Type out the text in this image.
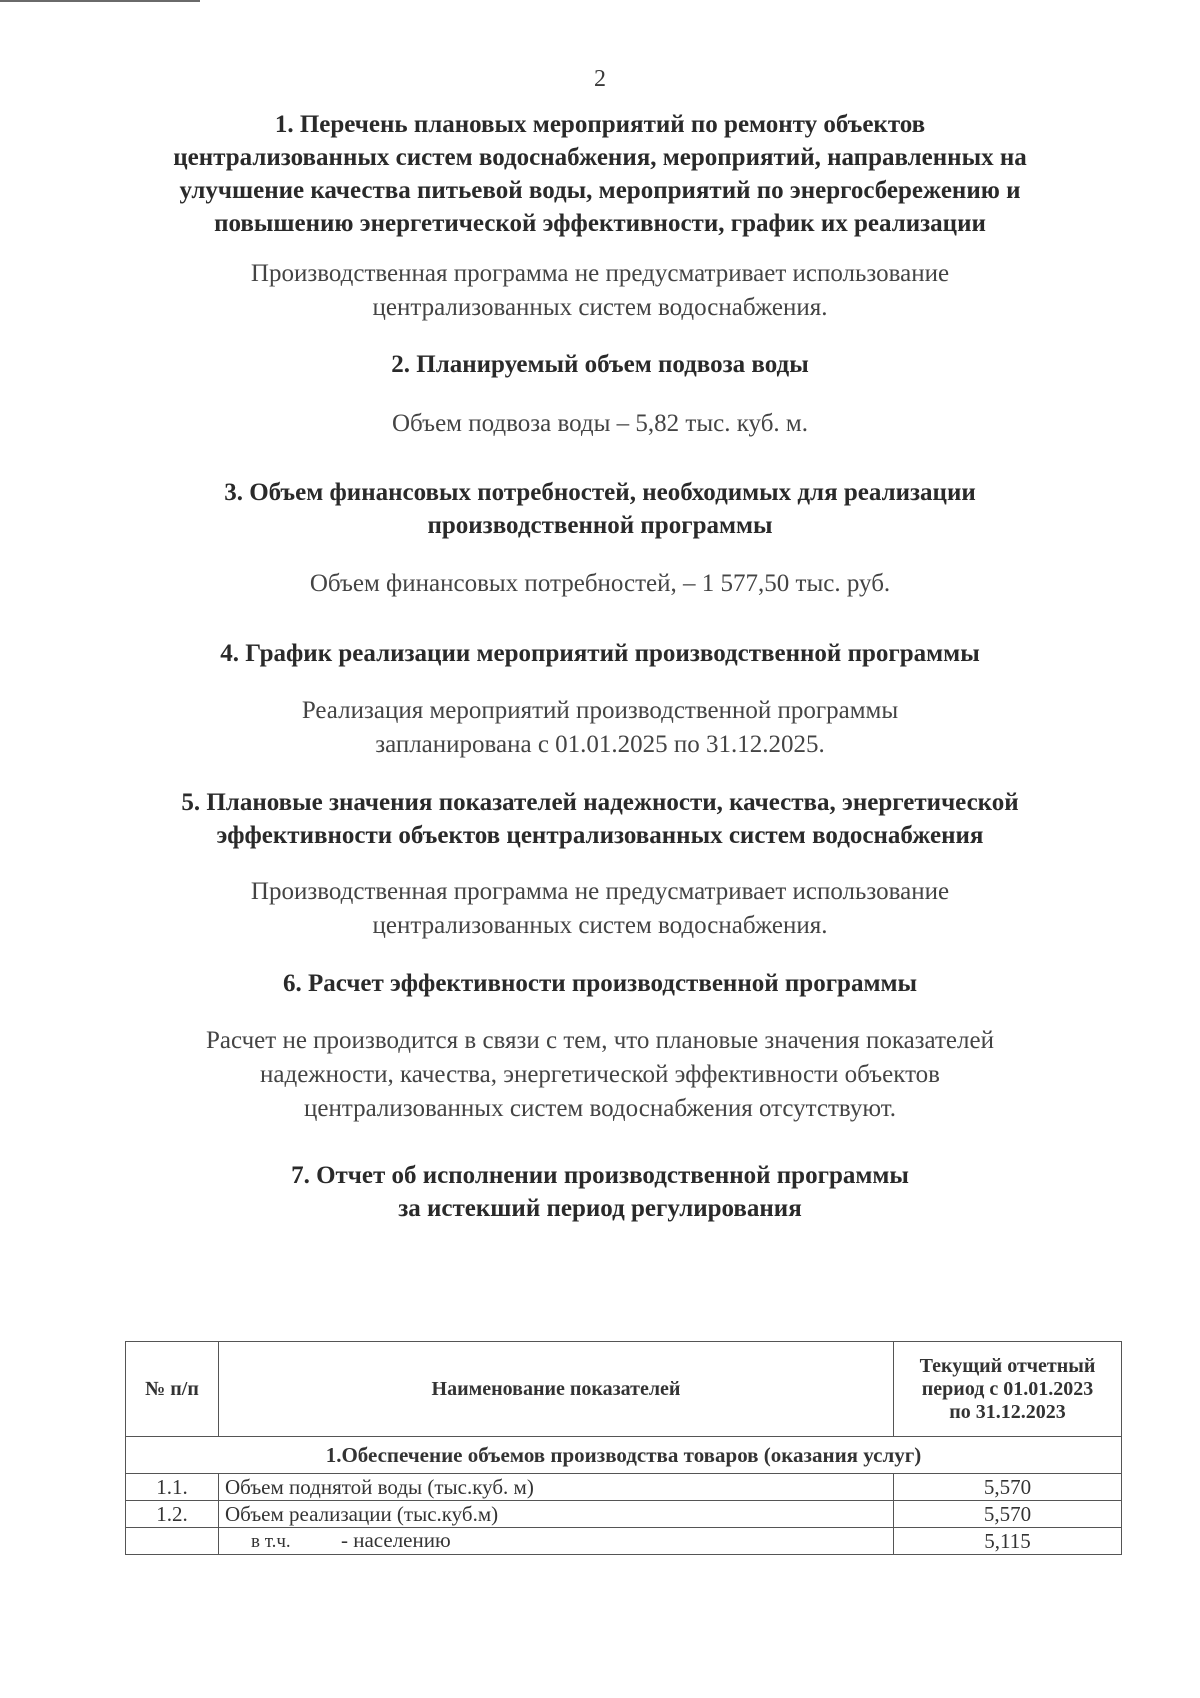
2
1. Перечень плановых мероприятий по ремонту объектов
централизованных систем водоснабжения, мероприятий, направленных на
улучшение качества питьевой воды, мероприятий по энергосбережению и
повышению энергетической эффективности, график их реализации
Производственная программа не предусматривает использование
централизованных систем водоснабжения.
2. Планируемый объем подвоза воды
Объем подвоза воды – 5,82 тыс. куб. м.
3. Объем финансовых потребностей, необходимых для реализации
производственной программы
Объем финансовых потребностей, – 1 577,50 тыс. руб.
4. График реализации мероприятий производственной программы
Реализация мероприятий производственной программы
запланирована с 01.01.2025 по 31.12.2025.
5. Плановые значения показателей надежности, качества, энергетической
эффективности объектов централизованных систем водоснабжения
Производственная программа не предусматривает использование
централизованных систем водоснабжения.
6. Расчет эффективности производственной программы
Расчет не производится в связи с тем, что плановые значения показателей
надежности, качества, энергетической эффективности объектов
централизованных систем водоснабжения отсутствуют.
7. Отчет об исполнении производственной программы
за истекший период регулирования
№ п/п	Наименование показателей	Текущий отчетный
период с 01.01.2023
по 31.12.2023

1.Обеспечение объемов производства товаров (оказания услуг)		
1.1.	Объем поднятой воды (тыс.куб. м)	5,570
1.2.	Объем реализации (тыс.куб.м)	5,570
	в т.ч. - населению	5,115
